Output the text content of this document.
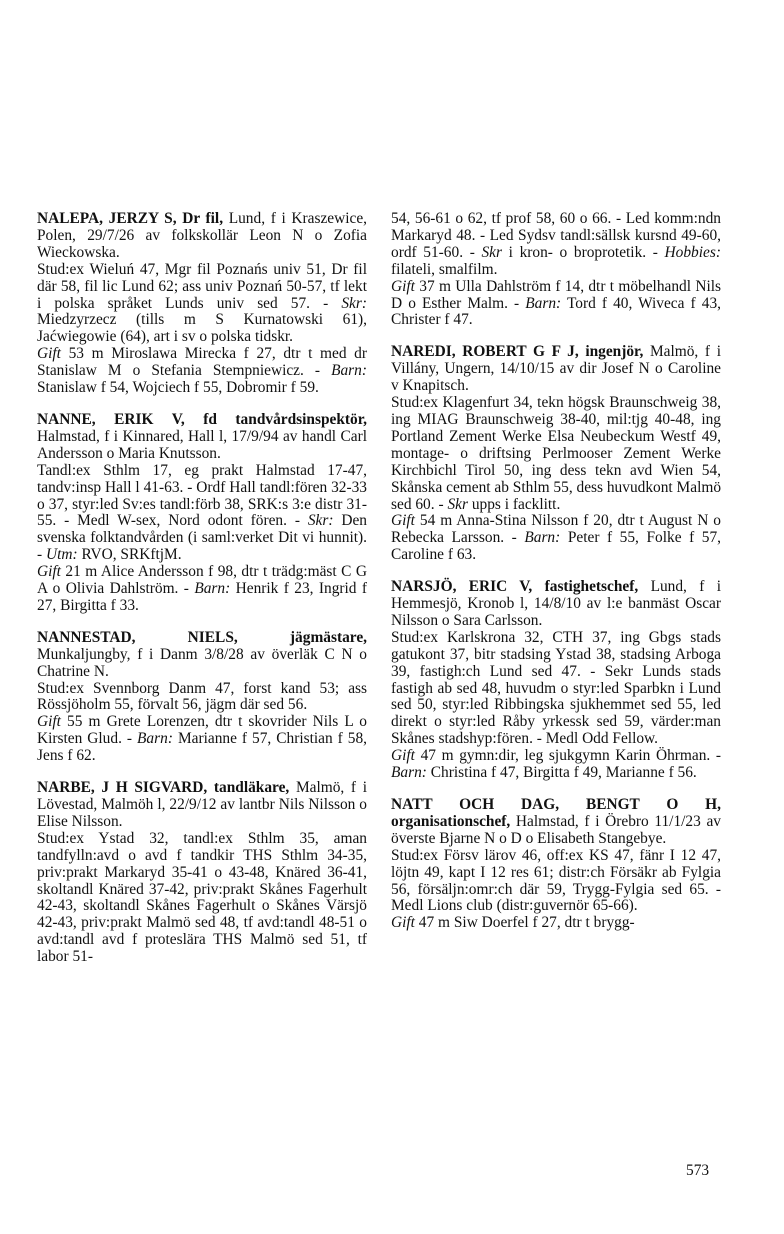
NALEPA, JERZY S, Dr fil, Lund, f i Kraszewice, Polen, 29/7/26 av folkskollär Leon N o Zofia Wieckowska.

Stud:ex Wieluń 47, Mgr fil Poznańs univ 51, Dr fil där 58, fil lic Lund 62; ass univ Poznań 50-57, tf lekt i polska språket Lunds univ sed 57. - Skr: Miedzyrzecz (tills m S Kurnatowski 61), Jaćwiegowie (64), art i sv o polska tidskr.

Gift 53 m Miroslawa Mirecka f 27, dtr t med dr Stanislaw M o Stefania Stempniewicz. - Barn: Stanislaw f 54, Wojciech f 55, Dobromir f 59.

NANNE, ERIK V, fd tandvårdsinspektör, Halmstad, f i Kinnared, Hall l, 17/9/94 av handl Carl Andersson o Maria Knutsson.

Tandl:ex Sthlm 17, eg prakt Halmstad 17-47, tandv:insp Hall l 41-63. - Ordf Hall tandl:fören 32-33 o 37, styr:led Sv:es tandl:förb 38, SRK:s 3:e distr 31-55. - Medl W-sex, Nord odont fören. - Skr: Den svenska folktandvården (i saml:verket Dit vi hunnit). - Utm: RVO, SRKftjM.

Gift 21 m Alice Andersson f 98, dtr t trädg:mäst C G A o Olivia Dahlström. - Barn: Henrik f 23, Ingrid f 27, Birgitta f 33.

NANNESTAD, NIELS, jägmästare, Munkaljungby, f i Danm 3/8/28 av överläk C N o Chatrine N.

Stud:ex Svennborg Danm 47, forst kand 53; ass Rössjöholm 55, förvalt 56, jägm där sed 56.

Gift 55 m Grete Lorenzen, dtr t skovrider Nils L o Kirsten Glud. - Barn: Marianne f 57, Christian f 58, Jens f 62.

NARBE, J H SIGVARD, tandläkare, Malmö, f i Lövestad, Malmöh l, 22/9/12 av lantbr Nils Nilsson o Elise Nilsson.

Stud:ex Ystad 32, tandl:ex Sthlm 35, aman tandfylln:avd o avd f tandkir THS Sthlm 34-35, priv:prakt Markaryd 35-41 o 43-48, Knäred 36-41, skoltandl Knäred 37-42, priv:prakt Skånes Fagerhult 42-43, skoltandl Skånes Fagerhult o Skånes Värsjö 42-43, priv:prakt Malmö sed 48, tf avd:tandl 48-51 o avd:tandl avd f proteslära THS Malmö sed 51, tf labor 51-

54, 56-61 o 62, tf prof 58, 60 o 66. - Led komm:ndn Markaryd 48. - Led Sydsv tandl:sällsk kursnd 49-60, ordf 51-60. - Skr i kron- o broprotetik. - Hobbies: filateli, smalfilm.

Gift 37 m Ulla Dahlström f 14, dtr t möbelhandl Nils D o Esther Malm. - Barn: Tord f 40, Wiveca f 43, Christer f 47.

NAREDI, ROBERT G F J, ingenjör, Malmö, f i Villány, Ungern, 14/10/15 av dir Josef N o Caroline v Knapitsch.

Stud:ex Klagenfurt 34, tekn högsk Braunschweig 38, ing MIAG Braunschweig 38-40, mil:tjg 40-48, ing Portland Zement Werke Elsa Neubeckum Westf 49, montage- o driftsing Perlmooser Zement Werke Kirchbichl Tirol 50, ing dess tekn avd Wien 54, Skånska cement ab Sthlm 55, dess huvudkont Malmö sed 60. - Skr upps i facklitt.

Gift 54 m Anna-Stina Nilsson f 20, dtr t August N o Rebecka Larsson. - Barn: Peter f 55, Folke f 57, Caroline f 63.

NARSJÖ, ERIC V, fastighetschef, Lund, f i Hemmesjö, Kronob l, 14/8/10 av l:e banmäst Oscar Nilsson o Sara Carlsson.

Stud:ex Karlskrona 32, CTH 37, ing Gbgs stads gatukont 37, bitr stadsing Ystad 38, stadsing Arboga 39, fastigh:ch Lund sed 47. - Sekr Lunds stads fastigh ab sed 48, huvudm o styr:led Sparbkn i Lund sed 50, styr:led Ribbingska sjukhemmet sed 55, led direkt o styr:led Råby yrkessk sed 59, värder:man Skånes stadshyp:fören. - Medl Odd Fellow.

Gift 47 m gymn:dir, leg sjukgymn Karin Öhrman. - Barn: Christina f 47, Birgitta f 49, Marianne f 56.

NATT OCH DAG, BENGT O H, organisationschef, Halmstad, f i Örebro 11/1/23 av överste Bjarne N o D o Elisabeth Stangebye.

Stud:ex Försv lärov 46, off:ex KS 47, fänr I 12 47, löjtn 49, kapt I 12 res 61; distr:ch Försäkr ab Fylgia 56, försäljn:omr:ch där 59, Trygg-Fylgia sed 65. - Medl Lions club (distr:guvernör 65-66).

Gift 47 m Siw Doerfel f 27, dtr t brygg-

573
